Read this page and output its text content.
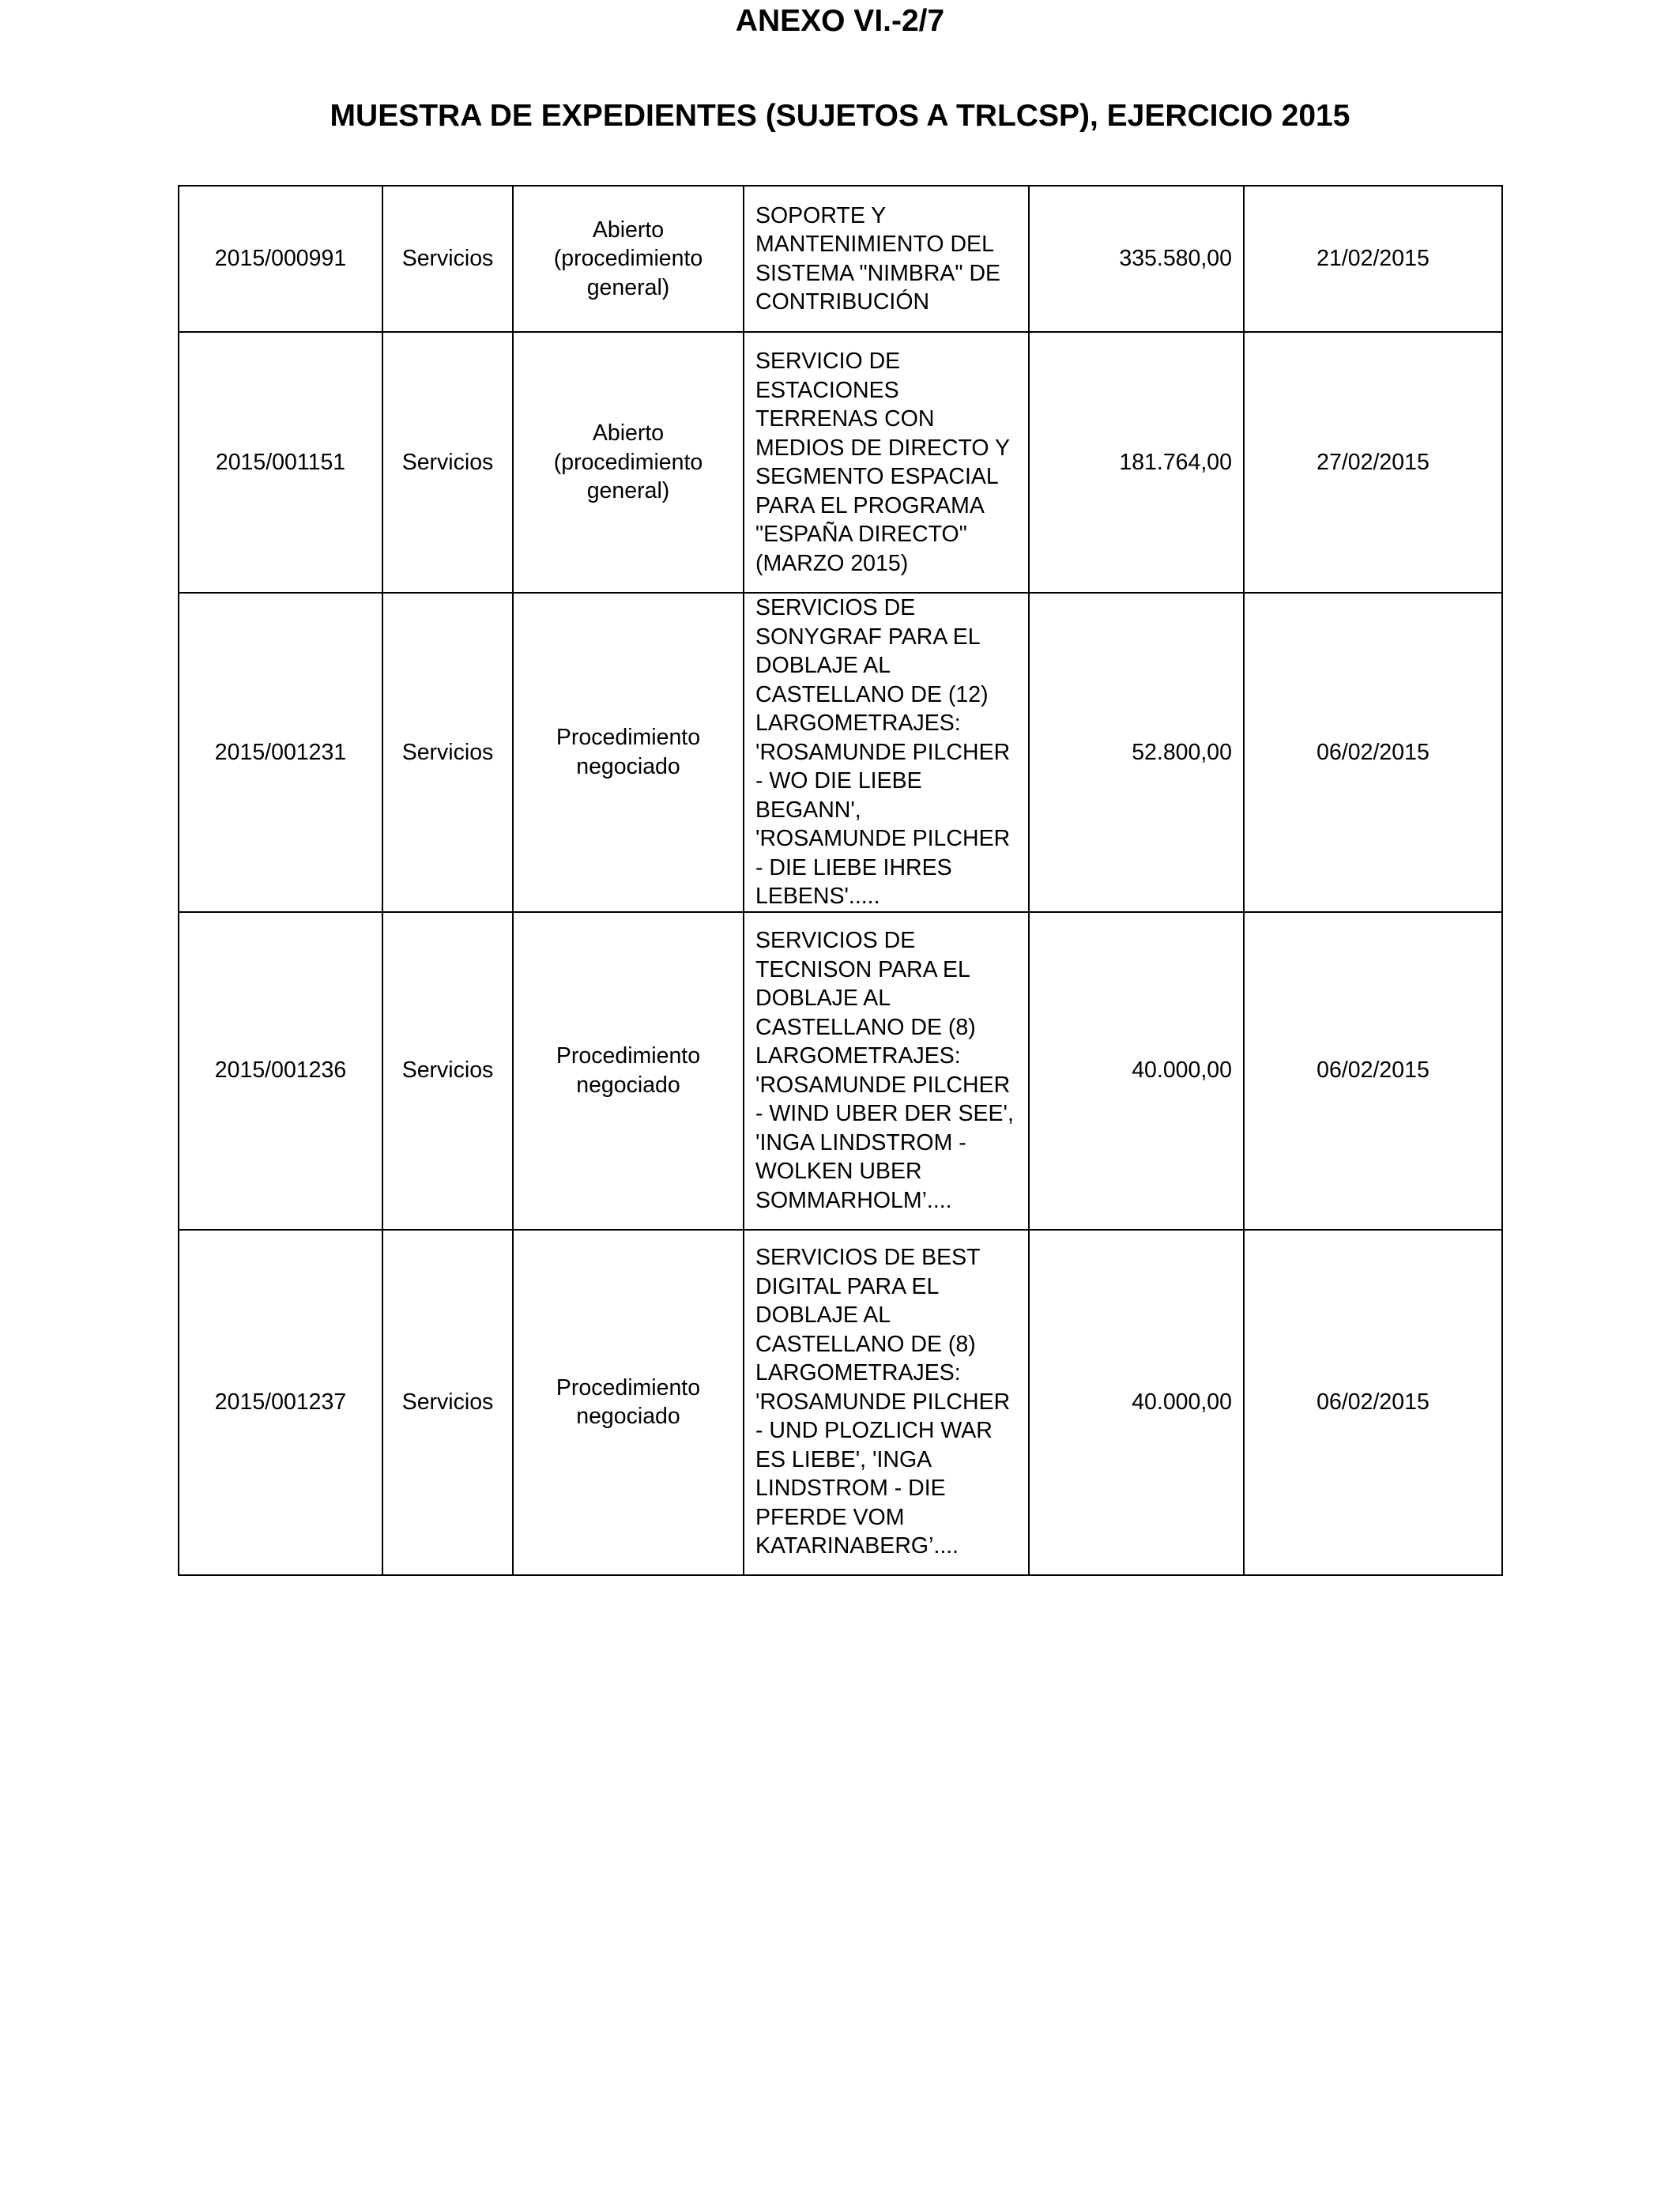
ANEXO VI.-2/7
MUESTRA DE EXPEDIENTES (SUJETOS A TRLCSP), EJERCICIO 2015
2015/000991	Servicios	Abierto (procedimiento general)	SOPORTE Y MANTENIMIENTO DEL SISTEMA "NIMBRA" DE CONTRIBUCIÓN	335.580,00	21/02/2015
2015/001151	Servicios	Abierto (procedimiento general)	SERVICIO DE ESTACIONES TERRENAS CON MEDIOS DE DIRECTO Y SEGMENTO ESPACIAL PARA EL PROGRAMA "ESPAÑA DIRECTO" (MARZO 2015)	181.764,00	27/02/2015
2015/001231	Servicios	Procedimiento negociado	SERVICIOS DE SONYGRAF PARA EL DOBLAJE AL CASTELLANO DE (12) LARGOMETRAJES: 'ROSAMUNDE PILCHER - WO DIE LIEBE BEGANN', 'ROSAMUNDE PILCHER - DIE LIEBE IHRES LEBENS'.....	52.800,00	06/02/2015
2015/001236	Servicios	Procedimiento negociado	SERVICIOS DE TECNISON PARA EL DOBLAJE AL CASTELLANO DE (8) LARGOMETRAJES: 'ROSAMUNDE PILCHER - WIND UBER DER SEE', 'INGA LINDSTROM - WOLKEN UBER SOMMARHOLM’....	40.000,00	06/02/2015
2015/001237	Servicios	Procedimiento negociado	SERVICIOS DE BEST DIGITAL PARA EL DOBLAJE AL CASTELLANO DE (8) LARGOMETRAJES: 'ROSAMUNDE PILCHER - UND PLOZLICH WAR ES LIEBE', 'INGA LINDSTROM - DIE PFERDE VOM KATARINABERG’....	40.000,00	06/02/2015
